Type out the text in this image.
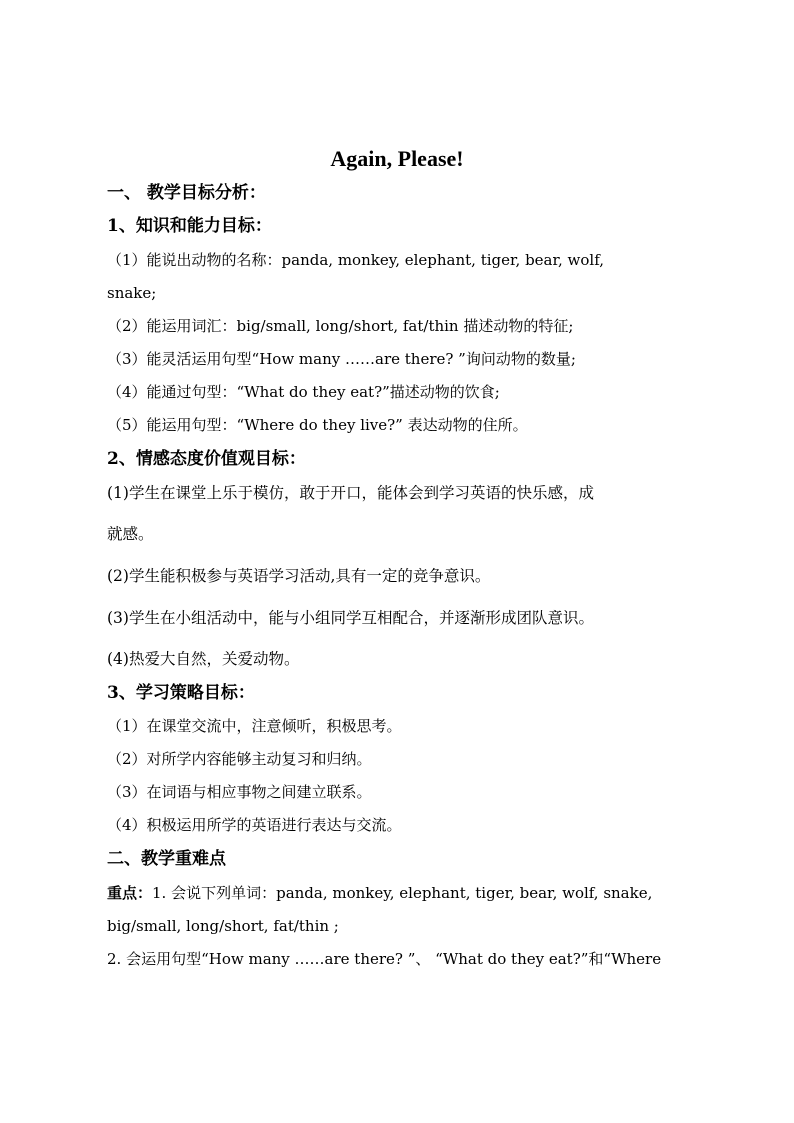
Again, Please!
一、 教学目标分析：
1、知识和能力目标：
（1）能说出动物的名称：panda, monkey, elephant, tiger, bear, wolf,
snake;
（2）能运用词汇：big/small, long/short, fat/thin 描述动物的特征;
（3）能灵活运用句型“How many ……are there? ”询问动物的数量;
（4）能通过句型：“What do they eat?”描述动物的饮食;
（5）能运用句型：“Where do they live?” 表达动物的住所。
2、情感态度价值观目标：
(1)学生在课堂上乐于模仿，敢于开口，能体会到学习英语的快乐感，成
就感。
(2)学生能积极参与英语学习活动,具有一定的竞争意识。
(3)学生在小组活动中，能与小组同学互相配合，并逐渐形成团队意识。
(4)热爱大自然，关爱动物。
3、学习策略目标：
（1）在课堂交流中，注意倾听，积极思考。
（2）对所学内容能够主动复习和归纳。
（3）在词语与相应事物之间建立联系。
（4）积极运用所学的英语进行表达与交流。
二、教学重难点
重点：1. 会说下列单词：panda, monkey, elephant, tiger, bear, wolf, snake,
big/small, long/short, fat/thin ;
2. 会运用句型“How many ……are there? ”、 “What do they eat?”和“Where
